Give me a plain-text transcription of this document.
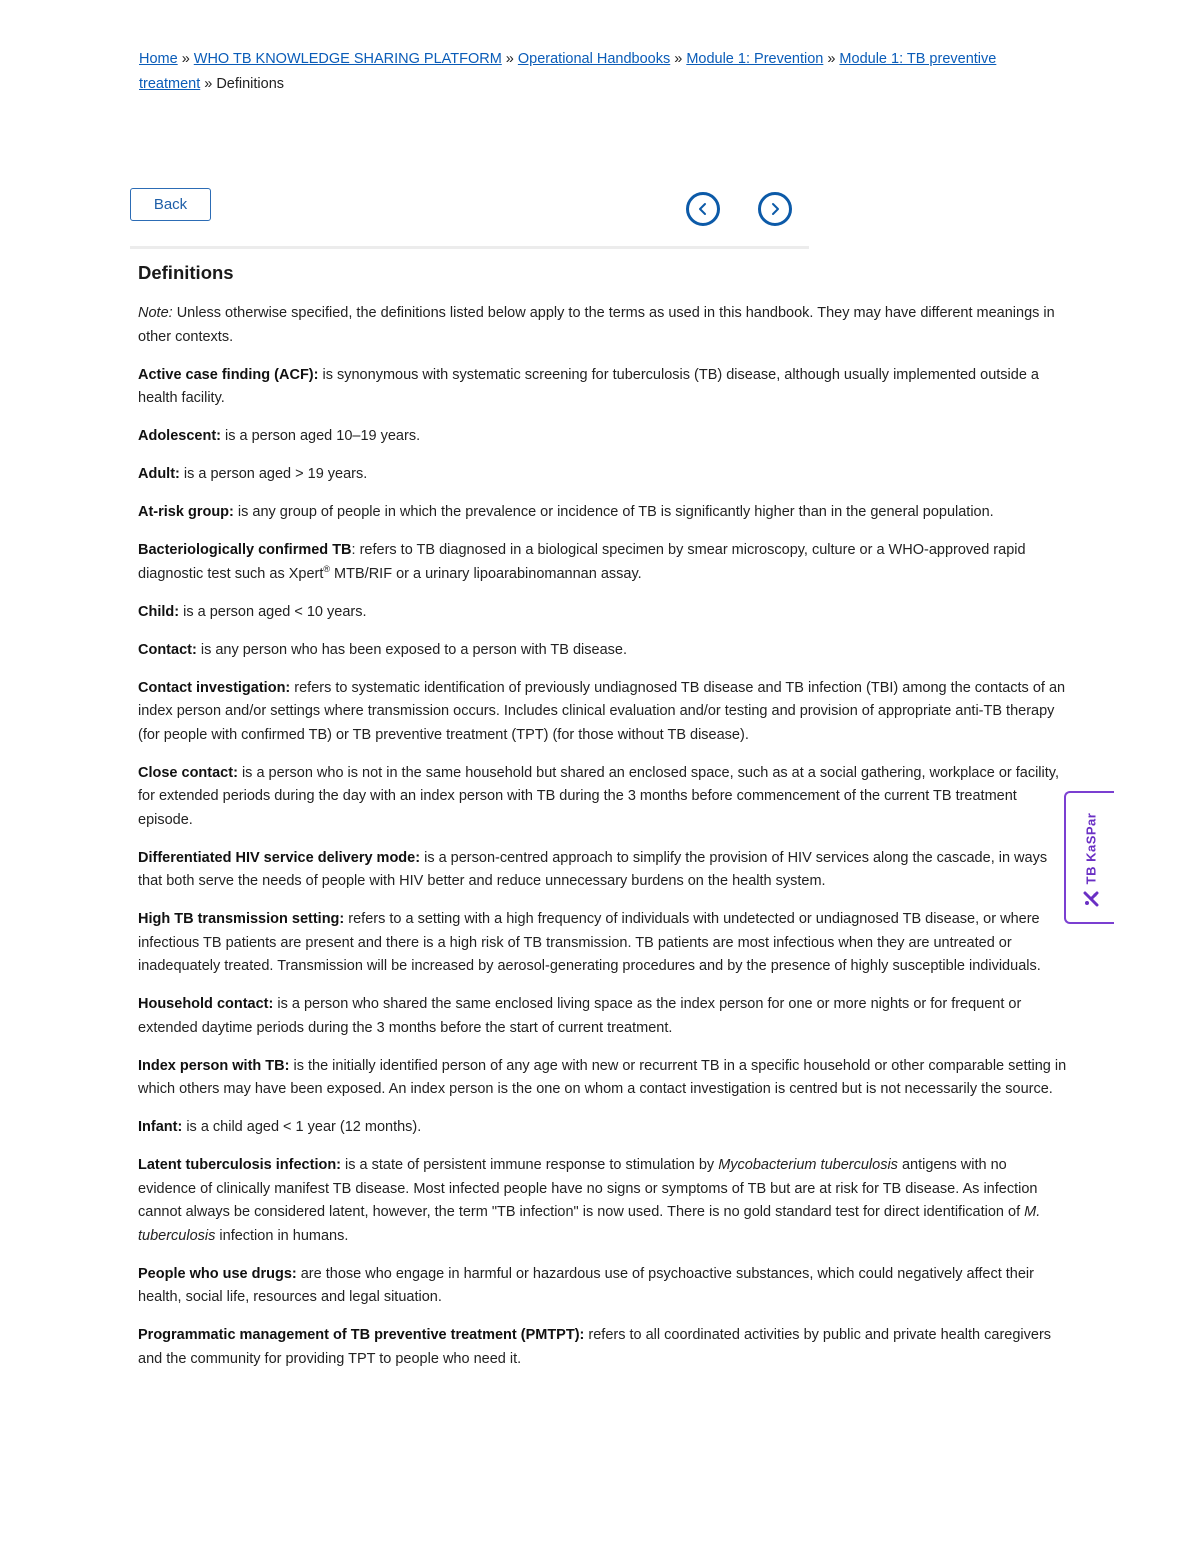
Home » WHO TB KNOWLEDGE SHARING PLATFORM » Operational Handbooks » Module 1: Prevention » Module 1: TB preventive treatment » Definitions
Back
Definitions

Note: Unless otherwise specified, the definitions listed below apply to the terms as used in this handbook. They may have different meanings in other contexts.

Active case finding (ACF): is synonymous with systematic screening for tuberculosis (TB) disease, although usually implemented outside a health facility.

Adolescent: is a person aged 10–19 years.

Adult: is a person aged > 19 years.

At-risk group: is any group of people in which the prevalence or incidence of TB is significantly higher than in the general population.

Bacteriologically confirmed TB: refers to TB diagnosed in a biological specimen by smear microscopy, culture or a WHO-approved rapid diagnostic test such as Xpert® MTB/RIF or a urinary lipoarabinomannan assay.

Child: is a person aged < 10 years.

Contact: is any person who has been exposed to a person with TB disease.

Contact investigation: refers to systematic identification of previously undiagnosed TB disease and TB infection (TBI) among the contacts of an index person and/or settings where transmission occurs. Includes clinical evaluation and/or testing and provision of appropriate anti-TB therapy (for people with confirmed TB) or TB preventive treatment (TPT) (for those without TB disease).

Close contact: is a person who is not in the same household but shared an enclosed space, such as at a social gathering, workplace or facility, for extended periods during the day with an index person with TB during the 3 months before commencement of the current TB treatment episode.

Differentiated HIV service delivery mode: is a person-centred approach to simplify the provision of HIV services along the cascade, in ways that both serve the needs of people with HIV better and reduce unnecessary burdens on the health system.

High TB transmission setting: refers to a setting with a high frequency of individuals with undetected or undiagnosed TB disease, or where infectious TB patients are present and there is a high risk of TB transmission. TB patients are most infectious when they are untreated or inadequately treated. Transmission will be increased by aerosol-generating procedures and by the presence of highly susceptible individuals.

Household contact: is a person who shared the same enclosed living space as the index person for one or more nights or for frequent or extended daytime periods during the 3 months before the start of current treatment.

Index person with TB: is the initially identified person of any age with new or recurrent TB in a specific household or other comparable setting in which others may have been exposed. An index person is the one on whom a contact investigation is centred but is not necessarily the source.

Infant: is a child aged < 1 year (12 months).

Latent tuberculosis infection: is a state of persistent immune response to stimulation by Mycobacterium tuberculosis antigens with no evidence of clinically manifest TB disease. Most infected people have no signs or symptoms of TB but are at risk for TB disease. As infection cannot always be considered latent, however, the term "TB infection" is now used. There is no gold standard test for direct identification of M. tuberculosis infection in humans.

People who use drugs: are those who engage in harmful or hazardous use of psychoactive substances, which could negatively affect their health, social life, resources and legal situation.

Programmatic management of TB preventive treatment (PMTPT): refers to all coordinated activities by public and private health caregivers and the community for providing TPT to people who need it.

TB KaSPar
